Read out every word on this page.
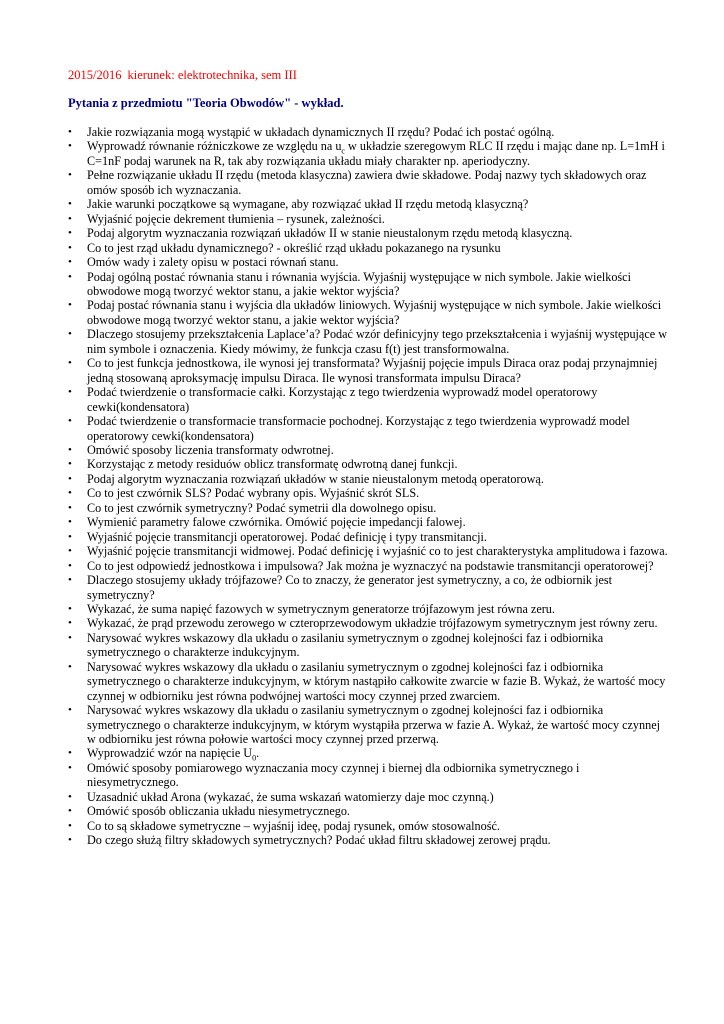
2015/2016 kierunek: elektrotechnika, sem III
Pytania z przedmiotu "Teoria Obwodów" - wykład.
•	Jakie rozwiązania mogą wystąpić w układach dynamicznych II rzędu? Podać ich postać ogólną.
•	Wyprowadź równanie różniczkowe ze względu na $u_c$ w układzie szeregowym RLC II rzędu i mając dane np. L=1mH i C=1nF podaj warunek na R, tak aby rozwiązania układu miały charakter np. aperiodyczny.
•	Pełne rozwiązanie układu II rzędu (metoda klasyczna) zawiera dwie składowe. Podaj nazwy tych składowych oraz omów sposób ich wyznaczania.
•	Jakie warunki początkowe są wymagane, aby rozwiązać układ II rzędu metodą klasyczną?
•	Wyjaśnić pojęcie dekrement tłumienia – rysunek, zależności.
•	Podaj algorytm wyznaczania rozwiązań układów II w stanie nieustalonym rzędu metodą klasyczną.
•	Co to jest rząd układu dynamicznego? - określić rząd układu pokazanego na rysunku
•	Omów wady i zalety opisu w postaci równań stanu.
•	Podaj ogólną postać równania stanu i równania wyjścia. Wyjaśnij występujące w nich symbole. Jakie wielkości obwodowe mogą tworzyć wektor stanu, a jakie wektor wyjścia?
•	Podaj postać równania stanu i wyjścia dla układów liniowych. Wyjaśnij występujące w nich symbole. Jakie wielkości obwodowe mogą tworzyć wektor stanu, a jakie wektor wyjścia?
•	Dlaczego stosujemy przekształcenia Laplace’a? Podać wzór definicyjny tego przekształcenia i wyjaśnij występujące w nim symbole i oznaczenia. Kiedy mówimy, że funkcja czasu f(t) jest transformowalna.
•	Co to jest funkcja jednostkowa, ile wynosi jej transformata? Wyjaśnij pojęcie impuls Diraca oraz podaj przynajmniej jedną stosowaną aproksymację impulsu Diraca. Ile wynosi transformata impulsu Diraca?
•	Podać twierdzenie o transformacie całki. Korzystając z tego twierdzenia wyprowadź model operatorowy cewki(kondensatora)
•	Podać twierdzenie o transformacie transformacie pochodnej. Korzystając z tego twierdzenia wyprowadź model operatorowy cewki(kondensatora)
•	Omówić sposoby liczenia transformaty odwrotnej.
•	Korzystając z metody residuów oblicz transformatę odwrotną danej funkcji.
•	Podaj algorytm wyznaczania rozwiązań układów w stanie nieustalonym metodą operatorową.
•	Co to jest czwórnik SLS? Podać wybrany opis. Wyjaśnić skrót SLS.
•	Co to jest czwórnik symetryczny? Podać symetrii dla dowolnego opisu.
•	Wymienić parametry falowe czwórnika. Omówić pojęcie impedancji falowej.
•	Wyjaśnić pojęcie transmitancji operatorowej. Podać definicję i typy transmitancji.
•	Wyjaśnić pojęcie transmitancji widmowej. Podać definicję i wyjaśnić co to jest charakterystyka amplitudowa i fazowa.
•	Co to jest odpowiedź jednostkowa i impulsowa? Jak można je wyznaczyć na podstawie transmitancji operatorowej?
•	Dlaczego stosujemy układy trójfazowe? Co to znaczy, że generator jest symetryczny, a co, że odbiornik jest symetryczny?
•	Wykazać, że suma napięć fazowych w symetrycznym generatorze trójfazowym jest równa zeru.
•	Wykazać, że prąd przewodu zerowego w czteroprzewodowym układzie trójfazowym symetrycznym jest równy zeru.
•	Narysować wykres wskazowy dla układu o zasilaniu symetrycznym o zgodnej kolejności faz i odbiornika symetrycznego o charakterze indukcyjnym.
•	Narysować wykres wskazowy dla układu o zasilaniu symetrycznym o zgodnej kolejności faz i odbiornika symetrycznego o charakterze indukcyjnym, w którym nastąpiło całkowite zwarcie w fazie B. Wykaż, że wartość mocy czynnej w odbiorniku jest równa podwójnej wartości mocy czynnej przed zwarciem.
•	Narysować wykres wskazowy dla układu o zasilaniu symetrycznym o zgodnej kolejności faz i odbiornika symetrycznego o charakterze indukcyjnym, w którym wystąpiła przerwa w fazie A. Wykaż, że wartość mocy czynnej w odbiorniku jest równa połowie wartości mocy czynnej przed przerwą.
•	Wyprowadzić wzór na napięcie $U_0$.
•	Omówić sposoby pomiarowego wyznaczania mocy czynnej i biernej dla odbiornika symetrycznego i niesymetrycznego.
•	Uzasadnić układ Arona (wykazać, że suma wskazań watomierzy daje moc czynną.)
•	Omówić sposób obliczania układu niesymetrycznego.
•	Co to są składowe symetryczne – wyjaśnij ideę, podaj rysunek, omów stosowalność.
•	Do czego służą filtry składowych symetrycznych? Podać układ filtru składowej zerowej prądu.
